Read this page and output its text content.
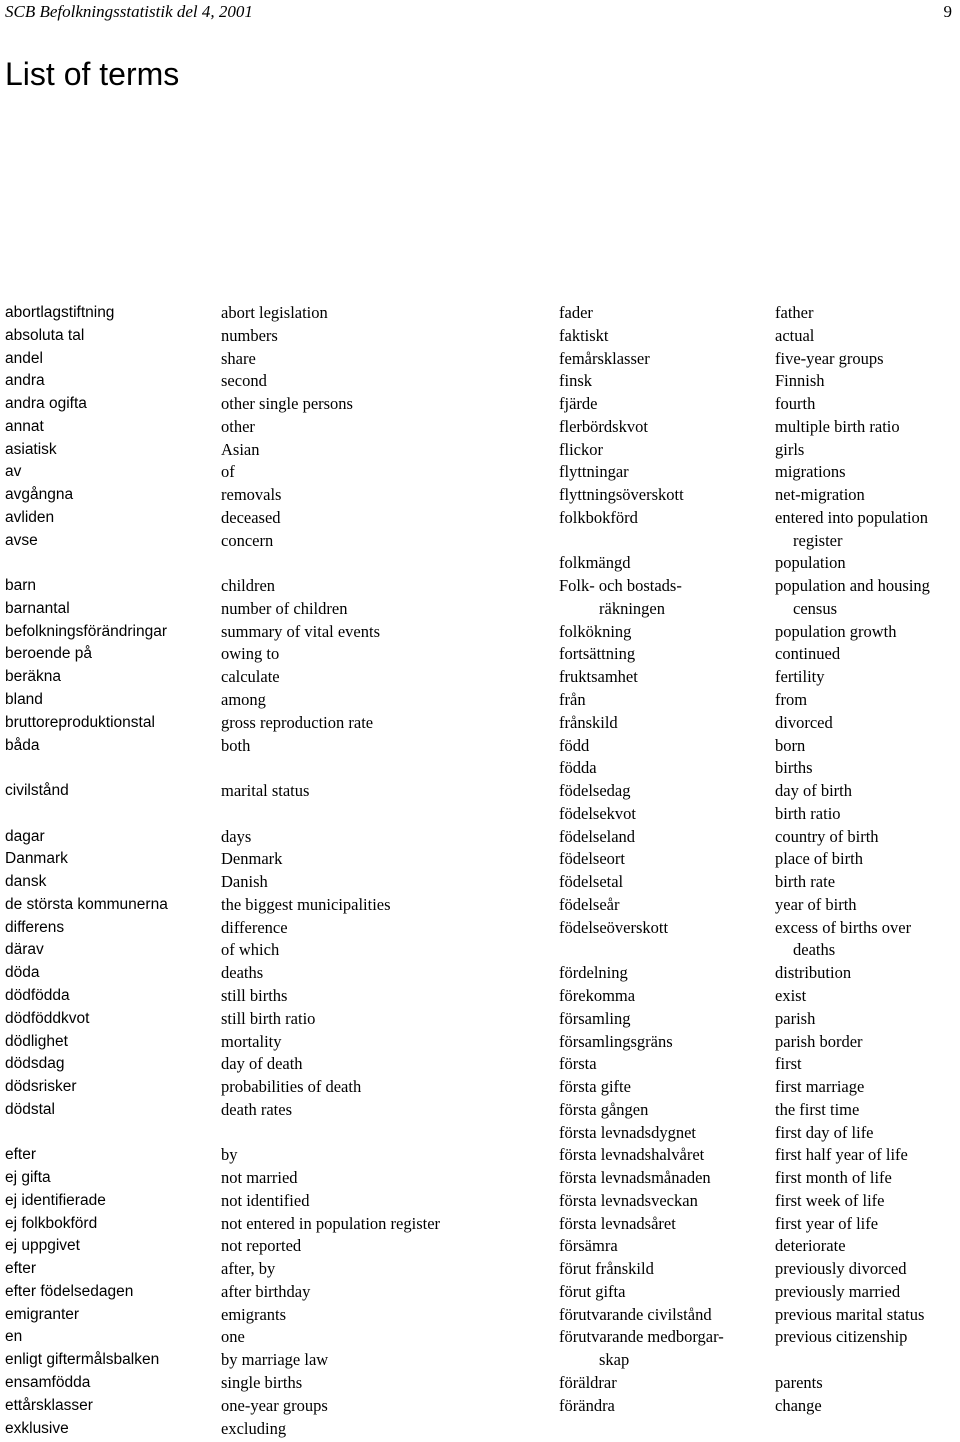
SCB Befolkningsstatistik del 4, 2001	9
List of terms
abortlagstiftning
absoluta tal
andel
andra
andra ogifta
annat
asiatisk
av
avgångna
avliden
avse
barn
barnantal
befolkningsförändringar
beroende på
beräkna
bland
bruttoreproduktionstal
båda
civilstånd
dagar
Danmark
dansk
de största kommunerna
differens
därav
döda
dödfödda
dödföddkvot
dödlighet
dödsdag
dödsrisker
dödstal
efter
ej gifta
ej identifierade
ej folkbokförd
ej uppgivet
efter
efter födelsedagen
emigranter
en
enligt giftermålsbalken
ensamfödda
ettårsklasser
exklusive
abort legislation
numbers
share
second
other single persons
other
Asian
of
removals
deceased
concern
children
number of children
summary of vital events
owing to
calculate
among
gross reproduction rate
both
marital status
days
Denmark
Danish
the biggest municipalities
difference
of which
deaths
still births
still birth ratio
mortality
day of death
probabilities of death
death rates
by
not married
not identified
not entered in population register
not reported
after, by
after birthday
emigrants
one
by marriage law
single births
one-year groups
excluding
fader
faktiskt
femårsklasser
finsk
fjärde
flerbördskvot
flickor
flyttningar
flyttningsöverskott
folkbokförd
folkmängd
Folk- och bostads-
räkningen
folkökning
fortsättning
fruktsamhet
från
frånskild
född
födda
födelsedag
födelsekvot
födelseland
födelseort
födelsetal
födelseår
födelseöverskott
fördelning
förekomma
församling
församlingsgräns
första
första gifte
första gången
första levnadsdygnet
första levnadshalvåret
första levnadsmånaden
första levnadsveckan
första levnadsåret
försämra
förut frånskild
förut gifta
förutvarande civilstånd
förutvarande medborgar-
skap
föräldrar
förändra
father
actual
five-year groups
Finnish
fourth
multiple birth ratio
girls
migrations
net-migration
entered into population
register
population
population and housing
census
population growth
continued
fertility
from
divorced
born
births
day of birth
birth ratio
country of birth
place of birth
birth rate
year of birth
excess of births over
deaths
distribution
exist
parish
parish border
first
first marriage
the first time
first day of life
first half year of life
first month of life
first week of life
first year of life
deteriorate
previously divorced
previously married
previous marital status
previous citizenship
parents
change
